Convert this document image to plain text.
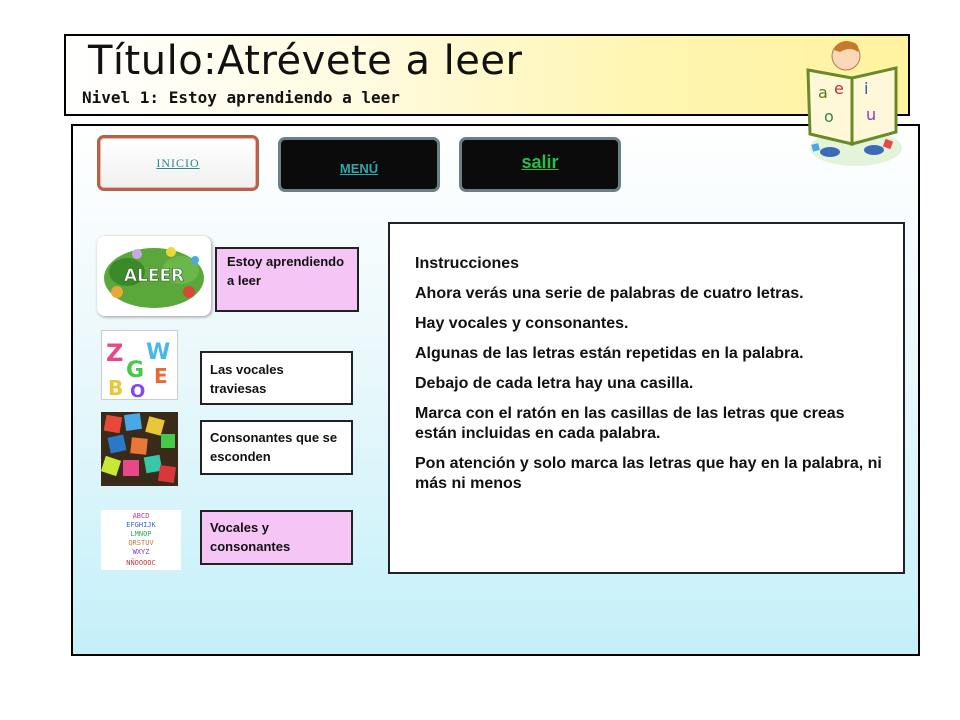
Título:Atrévete a leer
Nivel 1: Estoy aprendiendo a leer	a e i
o u
INICIO	MENÚ	salir
ALEER
Z W
G E
B O
ABCD
EFGHIJK
LMNOP
QRSTUV
WXYZ
NÑOOOOC
Estoy aprendiendo a leer
Las vocales traviesas
Consonantes que se esconden
Vocales y consonantes

Instrucciones

Ahora verás una serie de palabras de cuatro letras.

Hay vocales y consonantes.

Algunas de las letras están repetidas en la palabra.

Debajo de cada letra hay una casilla.

Marca con el ratón en las casillas de las letras que creas están incluidas en cada palabra.

Pon atención y solo marca las letras que hay en la palabra, ni más ni menos
